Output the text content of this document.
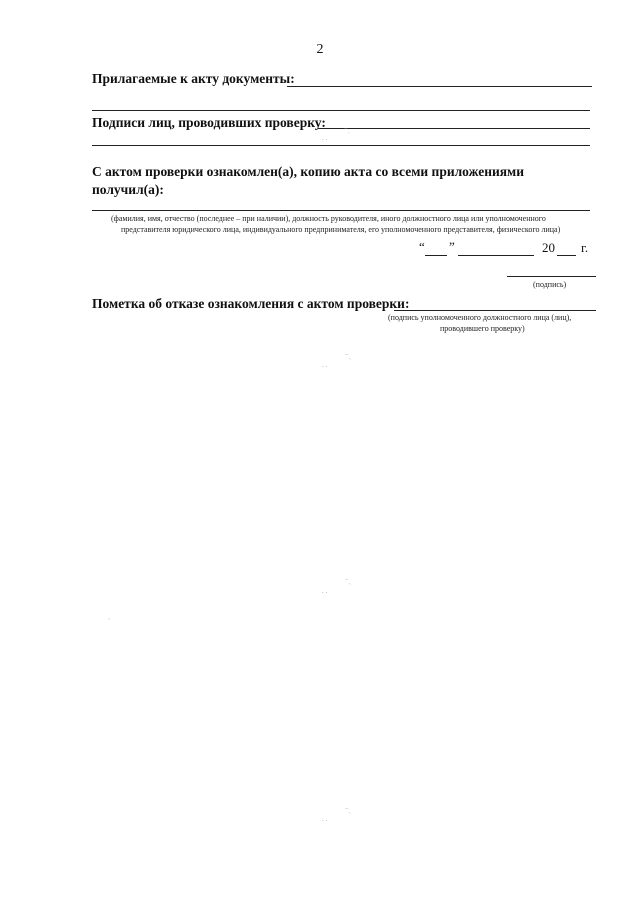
2
Прилагаемые к акту документы:
Подписи лиц, проводивших проверку:	⁻ˎ
. .
С актом проверки ознакомлен(а), копию акта со всеми приложениями
получил(а):
(фамилия, имя, отчество (последнее – при наличии), должность руководителя, иного должностного лица или уполномоченного
представителя юридического лица, индивидуального предпринимателя, его уполномоченного представителя, физического лица)
“ ”	20 г.
(подпись)
Пометка об отказе ознакомления с актом проверки:
(подпись уполномоченного должностного лица (лиц),
проводившего проверку)
⁻ˎ
. .
⁻ˎ
. .
ˏ
⁻ˎ
. .
